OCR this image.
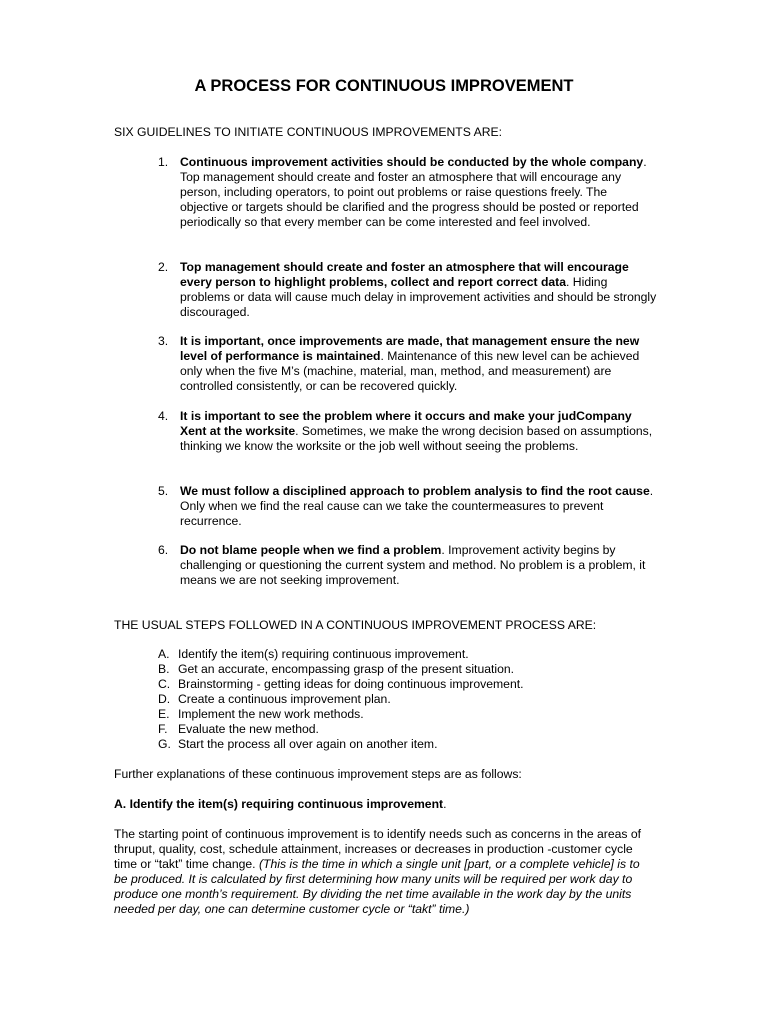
A PROCESS FOR CONTINUOUS IMPROVEMENT
SIX GUIDELINES TO INITIATE CONTINUOUS IMPROVEMENTS ARE:
1. Continuous improvement activities should be conducted by the whole company. Top management should create and foster an atmosphere that will encourage any person, including operators, to point out problems or raise questions freely. The objective or targets should be clarified and the progress should be posted or reported periodically so that every member can be come interested and feel involved.
2. Top management should create and foster an atmosphere that will encourage every person to highlight problems, collect and report correct data. Hiding problems or data will cause much delay in improvement activities and should be strongly discouraged.
3. It is important, once improvements are made, that management ensure the new level of performance is maintained. Maintenance of this new level can be achieved only when the five M’s (machine, material, man, method, and measurement) are controlled consistently, or can be recovered quickly.
4. It is important to see the problem where it occurs and make your judCompany Xent at the worksite. Sometimes, we make the wrong decision based on assumptions, thinking we know the worksite or the job well without seeing the problems.
5. We must follow a disciplined approach to problem analysis to find the root cause. Only when we find the real cause can we take the countermeasures to prevent recurrence.
6. Do not blame people when we find a problem. Improvement activity begins by challenging or questioning the current system and method. No problem is a problem, it means we are not seeking improvement.
THE USUAL STEPS FOLLOWED IN A CONTINUOUS IMPROVEMENT PROCESS ARE:
A. Identify the item(s) requiring continuous improvement.
B. Get an accurate, encompassing grasp of the present situation.
C. Brainstorming - getting ideas for doing continuous improvement.
D. Create a continuous improvement plan.
E. Implement the new work methods.
F. Evaluate the new method.
G. Start the process all over again on another item.
Further explanations of these continuous improvement steps are as follows:
A. Identify the item(s) requiring continuous improvement.
The starting point of continuous improvement is to identify needs such as concerns in the areas of thruput, quality, cost, schedule attainment, increases or decreases in production -customer cycle time or “takt” time change. (This is the time in which a single unit [part, or a complete vehicle] is to be produced. It is calculated by first determining how many units will be required per work day to produce one month’s requirement. By dividing the net time available in the work day by the units needed per day, one can determine customer cycle or “takt” time.)
